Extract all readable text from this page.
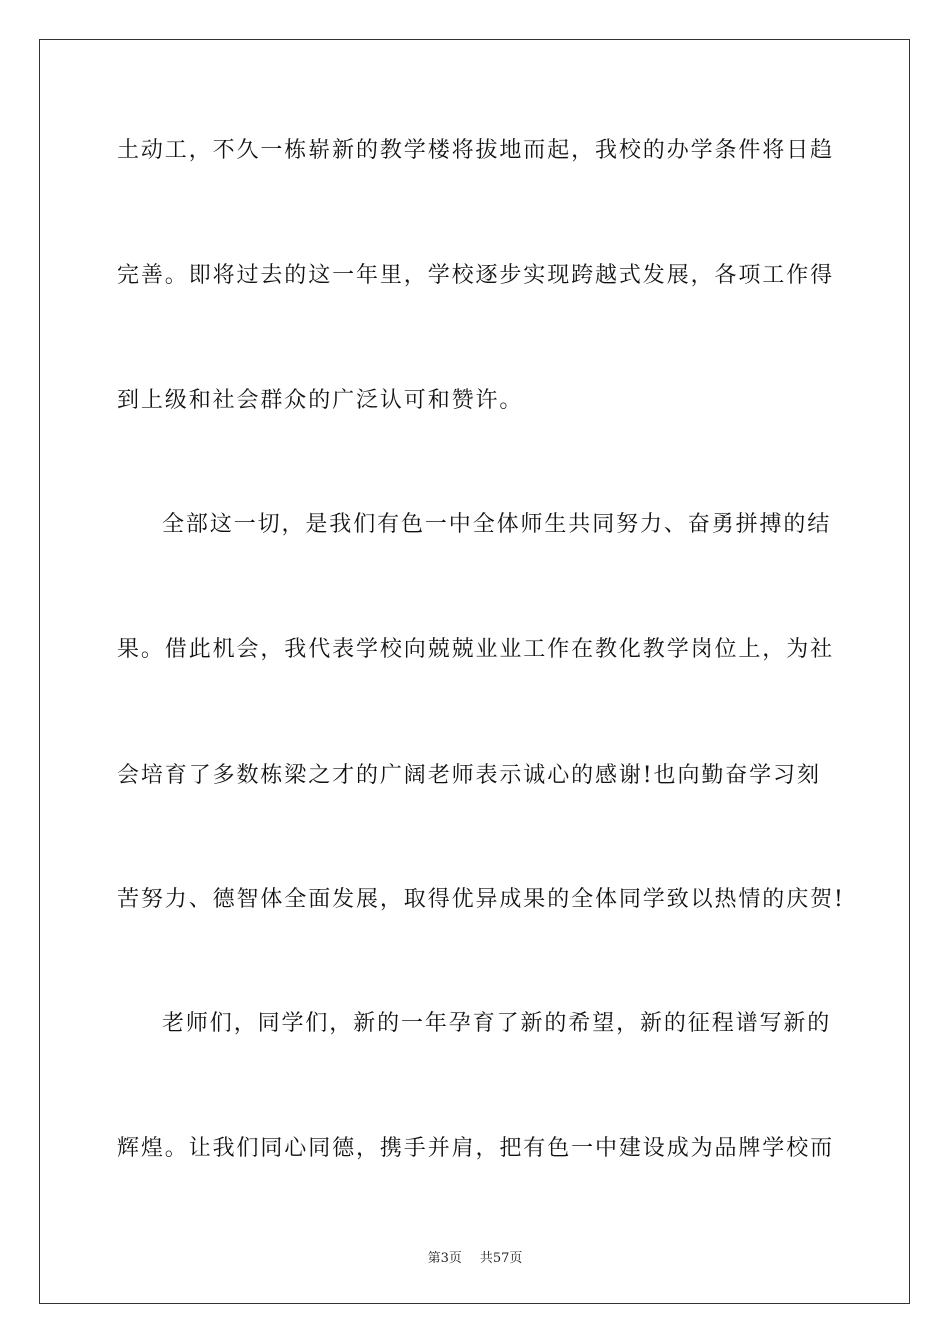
土动工，不久一栋崭新的教学楼将拔地而起，我校的办学条件将日趋
完善。即将过去的这一年里，学校逐步实现跨越式发展，各项工作得
到上级和社会群众的广泛认可和赞许。
全部这一切，是我们有色一中全体师生共同努力、奋勇拼搏的结
果。借此机会，我代表学校向兢兢业业工作在教化教学岗位上，为社
会培育了多数栋梁之才的广阔老师表示诚心的感谢!也向勤奋学习刻
苦努力、德智体全面发展，取得优异成果的全体同学致以热情的庆贺!
老师们，同学们，新的一年孕育了新的希望，新的征程谱写新的
辉煌。让我们同心同德，携手并肩，把有色一中建设成为品牌学校而
第3页 共57页
